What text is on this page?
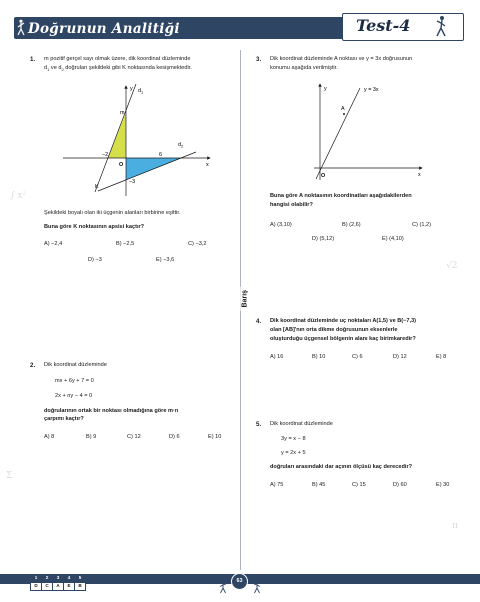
∫ x²
√2
Σ
π
Doğrunun Analitiği	Test-4
Barış
1. m pozitif gerçel sayı olmak üzere, dik koordinat düzleminde
$d_1$ ve $d_2$ doğruları şekildeki gibi K noktasında kesişmektedir.
y
x
$d_1$
$d_2$
m
−2	6
−3
O
K
Şekildeki boyalı olan iki üçgenin alanları birbirine eşittir.
Buna göre K noktasının apsisi kaçtır?
A) −2,4	B) −2,5	C) −3,2
D) −3	E) −3,6
2. Dik koordinat düzleminde
mx + 6y + 7 = 0
2x + ny − 4 = 0
doğrularının ortak bir noktası olmadığına göre m·n
çarpımı kaçtır?
A) 8	B) 9	C) 12	D) 6	E) 10
3. Dik koordinat düzleminde A noktası ve y = 3x doğrusunun
konumu aşağıda verilmiştir.
y
x
y = 3x
A
O
Buna göre A noktasının koordinatları aşağıdakilerden
hangisi olabilir?
A) (3,10)	B) (2,6)	C) (1,2)
D) (5,12)	E) (4,10)
4. Dik koordinat düzleminde uç noktaları A(1,5) ve B(−7,3)
olan [AB]'nın orta dikme doğrusunun eksenlerle
oluşturduğu üçgensel bölgenin alanı kaç birimkaredir?
A) 16	B) 10	C) 6	D) 12	E) 8
5. Dik koordinat düzleminde
3y = x − 8
y = 2x + 5
doğruları arasındaki dar açının ölçüsü kaç derecedir?
A) 75	B) 45	C) 15	D) 60	E) 30
1	2	3	4	5
D	C	A	E	B
63
